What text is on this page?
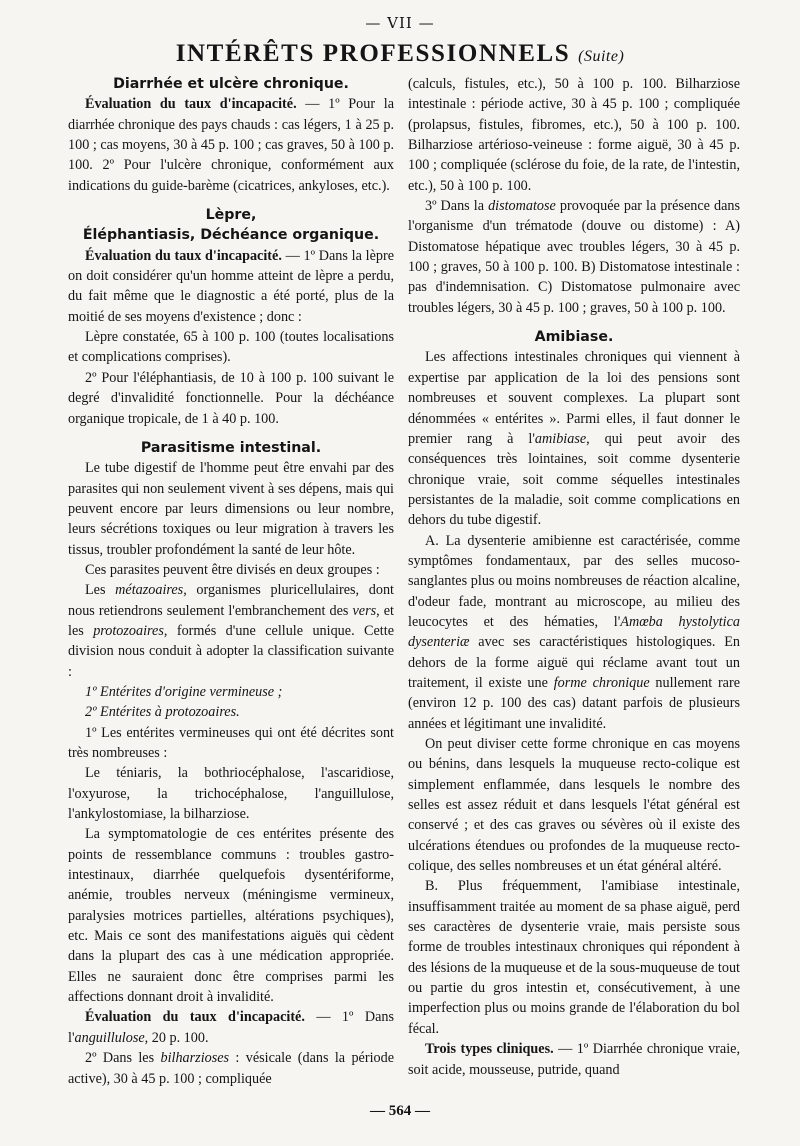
— VII —
INTÉRÊTS PROFESSIONNELS (Suite)
Diarrhée et ulcère chronique.

Évaluation du taux d'incapacité. — 1º Pour la diarrhée chronique des pays chauds : cas légers, 1 à 25 p. 100 ; cas moyens, 30 à 45 p. 100 ; cas graves, 50 à 100 p. 100. 2º Pour l'ulcère chronique, conformément aux indications du guide-barème (cicatrices, ankyloses, etc.).

Lèpre,
Éléphantiasis, Déchéance organique.

Évaluation du taux d'incapacité. — 1º Dans la lèpre on doit considérer qu'un homme atteint de lèpre a perdu, du fait même que le diagnostic a été porté, plus de la moitié de ses moyens d'existence ; donc :

Lèpre constatée, 65 à 100 p. 100 (toutes localisations et complications comprises).

2º Pour l'éléphantiasis, de 10 à 100 p. 100 suivant le degré d'invalidité fonctionnelle. Pour la déchéance organique tropicale, de 1 à 40 p. 100.

Parasitisme intestinal.

Le tube digestif de l'homme peut être envahi par des parasites qui non seulement vivent à ses dépens, mais qui peuvent encore par leurs dimensions ou leur nombre, leurs sécrétions toxiques ou leur migration à travers les tissus, troubler profondément la santé de leur hôte.

Ces parasites peuvent être divisés en deux groupes :

Les métazoaires, organismes pluricellulaires, dont nous retiendrons seulement l'embranchement des vers, et les protozoaires, formés d'une cellule unique. Cette division nous conduit à adopter la classification suivante :

1º Entérites d'origine vermineuse ;

2º Entérites à protozoaires.

1º Les entérites vermineuses qui ont été décrites sont très nombreuses :

Le téniaris, la bothriocéphalose, l'ascaridiose, l'oxyurose, la trichocéphalose, l'anguillulose, l'ankylostomiase, la bilharziose.

La symptomatologie de ces entérites présente des points de ressemblance communs : troubles gastro-intestinaux, diarrhée quelquefois dysentériforme, anémie, troubles nerveux (méningisme vermineux, paralysies motrices partielles, altérations psychiques), etc. Mais ce sont des manifestations aiguës qui cèdent dans la plupart des cas à une médication appropriée. Elles ne sauraient donc être comprises parmi les affections donnant droit à invalidité.

Évaluation du taux d'incapacité. — 1º Dans l'anguillulose, 20 p. 100.

2º Dans les bilharzioses : vésicale (dans la période active), 30 à 45 p. 100 ; compliquée

(calculs, fistules, etc.), 50 à 100 p. 100. Bilharziose intestinale : période active, 30 à 45 p. 100 ; compliquée (prolapsus, fistules, fibromes, etc.), 50 à 100 p. 100. Bilharziose artérioso-veineuse : forme aiguë, 30 à 45 p. 100 ; compliquée (sclérose du foie, de la rate, de l'intestin, etc.), 50 à 100 p. 100.

3º Dans la distomatose provoquée par la présence dans l'organisme d'un trématode (douve ou distome) : A) Distomatose hépatique avec troubles légers, 30 à 45 p. 100 ; graves, 50 à 100 p. 100. B) Distomatose intestinale : pas d'indemnisation. C) Distomatose pulmonaire avec troubles légers, 30 à 45 p. 100 ; graves, 50 à 100 p. 100.

Amibiase.

Les affections intestinales chroniques qui viennent à expertise par application de la loi des pensions sont nombreuses et souvent complexes. La plupart sont dénommées « entérites ». Parmi elles, il faut donner le premier rang à l'amibiase, qui peut avoir des conséquences très lointaines, soit comme dysenterie chronique vraie, soit comme séquelles intestinales persistantes de la maladie, soit comme complications en dehors du tube digestif.

A. La dysenterie amibienne est caractérisée, comme symptômes fondamentaux, par des selles mucoso-sanglantes plus ou moins nombreuses de réaction alcaline, d'odeur fade, montrant au microscope, au milieu des leucocytes et des hématies, l'Amœba hystolytica dysenteriæ avec ses caractéristiques histologiques. En dehors de la forme aiguë qui réclame avant tout un traitement, il existe une forme chronique nullement rare (environ 12 p. 100 des cas) datant parfois de plusieurs années et légitimant une invalidité.

On peut diviser cette forme chronique en cas moyens ou bénins, dans lesquels la muqueuse recto-colique est simplement enflammée, dans lesquels le nombre des selles est assez réduit et dans lesquels l'état général est conservé ; et des cas graves ou sévères où il existe des ulcérations étendues ou profondes de la muqueuse recto-colique, des selles nombreuses et un état général altéré.

B. Plus fréquemment, l'amibiase intestinale, insuffisamment traitée au moment de sa phase aiguë, perd ses caractères de dysenterie vraie, mais persiste sous forme de troubles intestinaux chroniques qui répondent à des lésions de la muqueuse et de la sous-muqueuse de tout ou partie du gros intestin et, consécutivement, à une imperfection plus ou moins grande de l'élaboration du bol fécal.

Trois types cliniques. — 1º Diarrhée chronique vraie, soit acide, mousseuse, putride, quand

— 564 —
